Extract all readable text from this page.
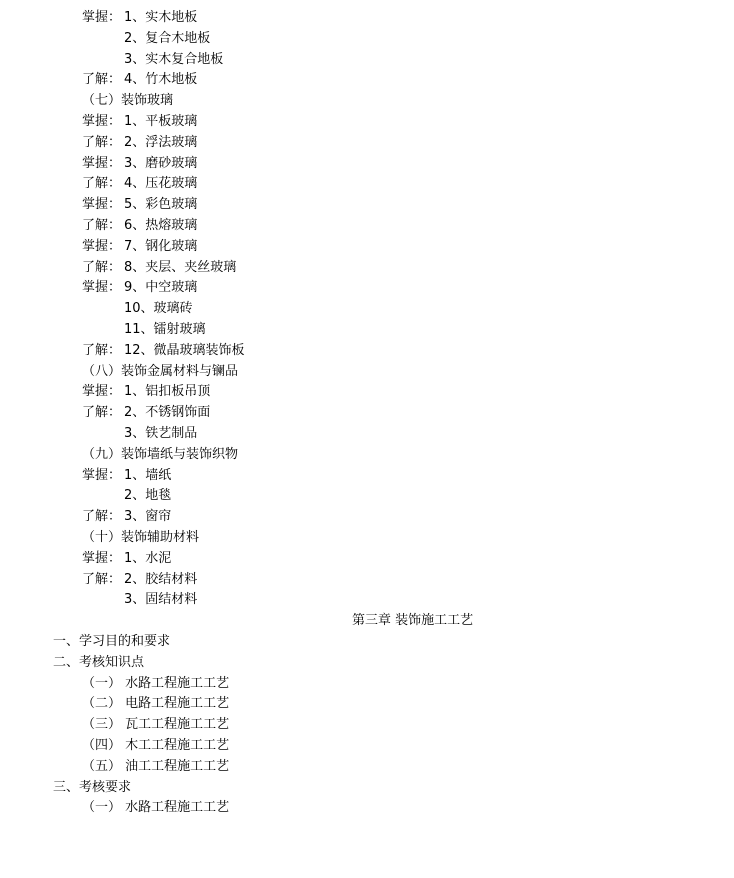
掌握： 1、实木地板
2、复合木地板
3、实木复合地板
了解： 4、竹木地板
（七）装饰玻璃
掌握： 1、平板玻璃
了解： 2、浮法玻璃
掌握： 3、磨砂玻璃
了解： 4、压花玻璃
掌握： 5、彩色玻璃
了解： 6、热熔玻璃
掌握： 7、钢化玻璃
了解： 8、夹层、夹丝玻璃
掌握： 9、中空玻璃
10、玻璃砖
11、镭射玻璃
了解： 12、微晶玻璃装饰板
（八）装饰金属材料与镧品
掌握： 1、铝扣板吊顶
了解： 2、不锈钢饰面
3、铁艺制品
（九）装饰墙纸与装饰织物
掌握： 1、墙纸
2、地毯
了解： 3、窗帘
（十）装饰辅助材料
掌握： 1、水泥
了解： 2、胶结材料
3、固结材料
第三章 装饰施工工艺
一、学习目的和要求
二、考核知识点
（一） 水路工程施工工艺
（二） 电路工程施工工艺
（三） 瓦工工程施工工艺
（四） 木工工程施工工艺
（五） 油工工程施工工艺
三、考核要求
（一） 水路工程施工工艺
